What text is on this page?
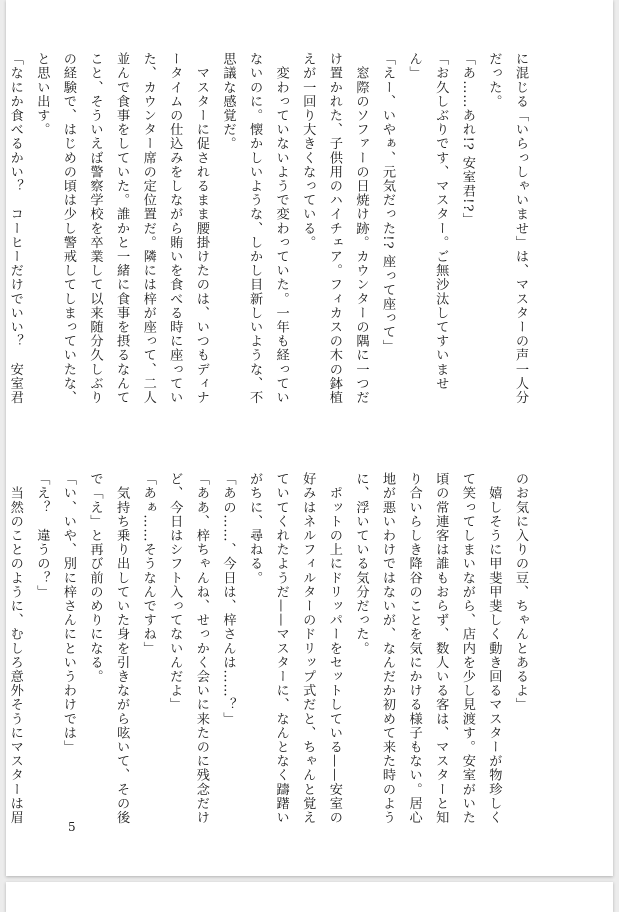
に混じる「いらっしゃいませ」は、マスターの声一人分
だった。
「あ……あれ!? 安室君!?」
「お久しぶりです、マスター。ご無沙汰してすいませ
ん」
「えー、いやぁ、元気だった!? 座って座って」
　窓際のソファーの日焼け跡。カウンターの隅に一つだ
け置かれた、子供用のハイチェア。フィカスの木の鉢植
えが一回り大きくなっている。
　変わっていないようで変わっていた。一年も経ってい
ないのに。懐かしいような、しかし目新しいような、不
思議な感覚だ。
　マスターに促されるまま腰掛けたのは、いつもディナ
ータイムの仕込みをしながら賄いを食べる時に座ってい
た、カウンター席の定位置だ。隣には梓が座って、二人
並んで食事をしていた。誰かと一緒に食事を摂るなんて
こと、そういえば警察学校を卒業して以来随分久しぶり
の経験で、はじめの頃は少し警戒してしまっていたな、
と思い出す。
「なにか食べるかい？　コーヒーだけでいい？　安室君
のお気に入りの豆、ちゃんとあるよ」
　嬉しそうに甲斐甲斐しく動き回るマスターが物珍しく
て笑ってしまいながら、店内を少し見渡す。安室がいた
頃の常連客は誰もおらず、数人いる客は、マスターと知
り合いらしき降谷のことを気にかける様子もない。居心
地が悪いわけではないが、なんだか初めて来た時のよう
に、浮いている気分だった。
　ポットの上にドリッパーをセットしている——安室の
好みはネルフィルターのドリップ式だと、ちゃんと覚え
ていてくれたようだ——マスターに、なんとなく躊躇い
がちに、尋ねる。
「あの……、今日は、梓さんは……？」
「ああ、梓ちゃんね、せっかく会いに来たのに残念だけ
ど、今日はシフト入ってないんだよ」
「あぁ……そうなんですね」
　気持ち乗り出していた身を引きながら呟いて、その後
で「え」と再び前のめりになる。
「い、いや、別に梓さんにというわけでは」
「え？　違うの？」
　当然のことのように、むしろ意外そうにマスターは眉
5
